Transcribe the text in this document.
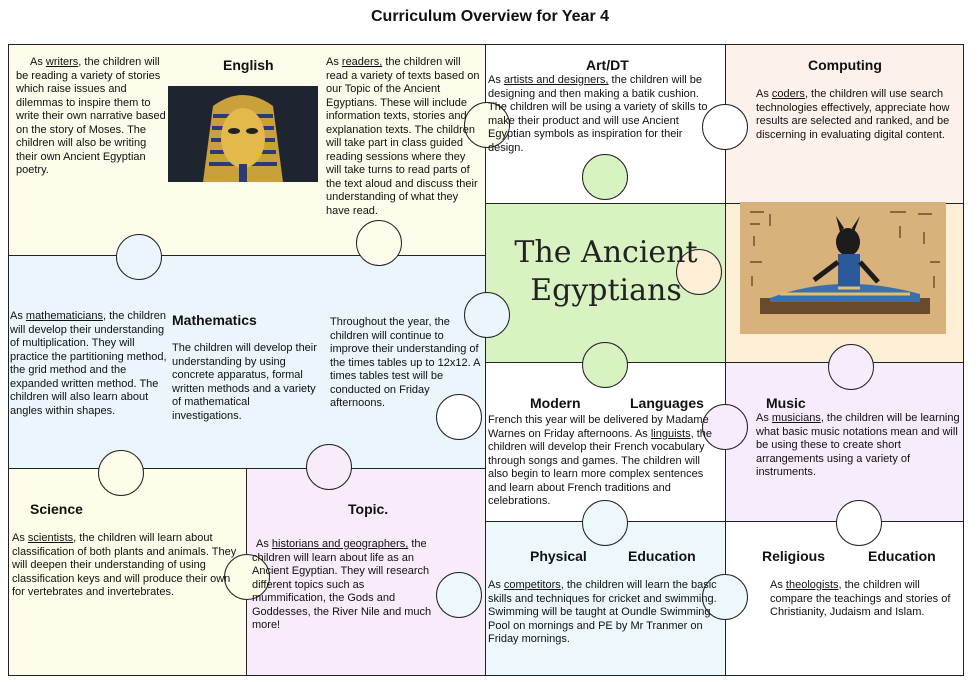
Curriculum Overview for Year 4
English
As writers, the children will be reading a variety of stories which raise issues and dilemmas to inspire them to write their own narrative based on the story of Moses. The children will also be writing their own Ancient Egyptian poetry.
As readers, the children will read a variety of texts based on our Topic of the Ancient Egyptians. These will include information texts, stories and explanation texts. The children will take part in class guided reading sessions where they will take turns to read parts of the text aloud and discuss their understanding of what they have read.
Art/DT
As artists and designers, the children will be designing and then making a batik cushion. The children will be using a variety of skills to make their product and will use Ancient Egyptian symbols as inspiration for their design.
Computing
As coders, the children will use search technologies effectively, appreciate how results are selected and ranked, and be discerning in evaluating digital content.
Mathematics
As mathematicians, the children will develop their understanding of multiplication. They will practice the partitioning method, the grid method and the expanded written method. The children will also learn about angles within shapes.
The children will develop their understanding by using concrete apparatus, formal written methods and a variety of mathematical investigations.
Throughout the year, the children will continue to improve their understanding of the times tables up to 12x12. A times tables test will be conducted on Friday afternoons.
The Ancient
Egyptians
Modern	Languages
French this year will be delivered by Madame Warnes on Friday afternoons. As linguists, the children will develop their French vocabulary through songs and games. The children will also begin to learn more complex sentences and learn about French traditions and celebrations.
Music
As musicians, the children will be learning what basic music notations mean and will be using these to create short arrangements using a variety of instruments.
Science
As scientists, the children will learn about classification of both plants and animals. They will deepen their understanding of using classification keys and will produce their own for vertebrates and invertebrates.
Topic.
As historians and geographers, the children will learn about life as an Ancient Egyptian. They will research different topics such as mummification, the Gods and Goddesses, the River Nile and much more!
Physical	Education
As competitors, the children will learn the basic skills and techniques for cricket and swimming. Swimming will be taught at Oundle Swimming Pool on mornings and PE by Mr Tranmer on Friday mornings.
Religious	Education
As theologists, the children will compare the teachings and stories of Christianity, Judaism and Islam.
